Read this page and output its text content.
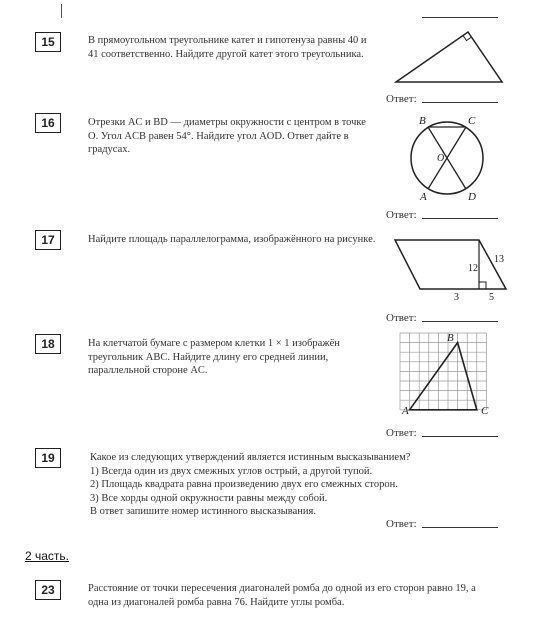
15	В прямоугольном треугольнике катет и гипотенуза равны 40 и 41 соответственно. Найдите другой катет этого треугольника.
Ответ:
16	Отрезки AC и BD — диаметры окружности с центром в точке O. Угол ACB равен 54°. Найдите угол AOD. Ответ дайте в градусах.
B	C
O
A	D
Ответ:
17	Найдите площадь параллелограмма, изображённого на рисунке.
13
12
3	5
Ответ:
18	На клетчатой бумаге с размером клетки 1 × 1 изображён треугольник ABC. Найдите длину его средней линии, параллельной стороне AC.
A
B
C
Ответ:
19	Какое из следующих утверждений является истинным высказыванием?
1) Всегда один из двух смежных углов острый, а другой тупой.
2) Площадь квадрата равна произведению двух его смежных сторон.
3) Все хорды одной окружности равны между собой.
В ответ запишите номер истинного высказывания.
Ответ:
2 часть.
23	Расстояние от точки пересечения диагоналей ромба до одной из его сторон равно 19, а одна из диагоналей ромба равна 76. Найдите углы ромба.
